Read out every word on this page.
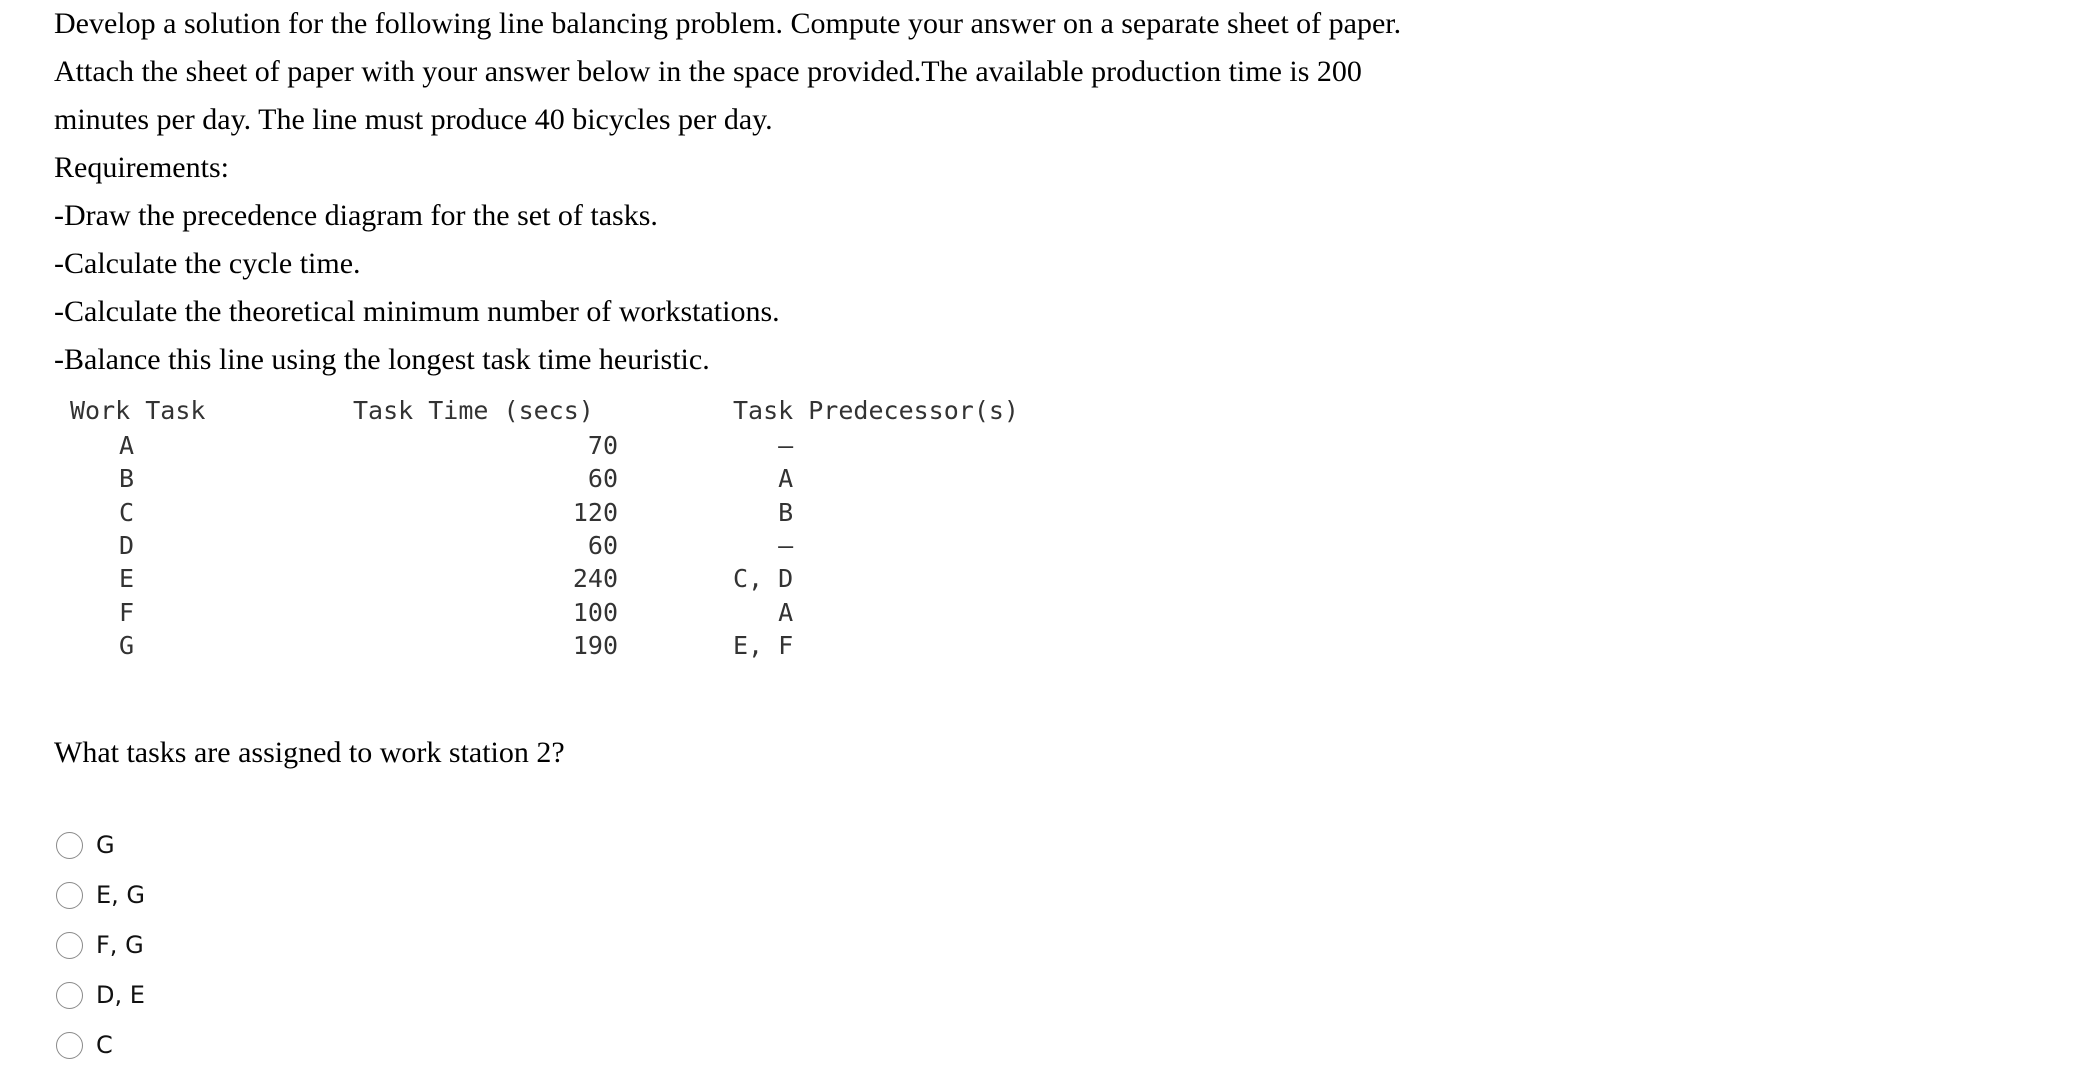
Develop a solution for the following line balancing problem. Compute your answer on a separate sheet of paper.

Attach the sheet of paper with your answer below in the space provided.The available production time is 200

minutes per day. The line must produce 40 bicycles per day.

Requirements:

-Draw the precedence diagram for the set of tasks.

-Calculate the cycle time.

-Calculate the theoretical minimum number of workstations.

-Balance this line using the longest task time heuristic.

Work Task	Task Time (secs)	Task Predecessor(s)
A	70	–
B	60	A
C	120	B
D	60	–
E	240	C, D
F	100	A
G	190	E, F
What tasks are assigned to work station 2?
G
E, G
F, G
D, E
C
